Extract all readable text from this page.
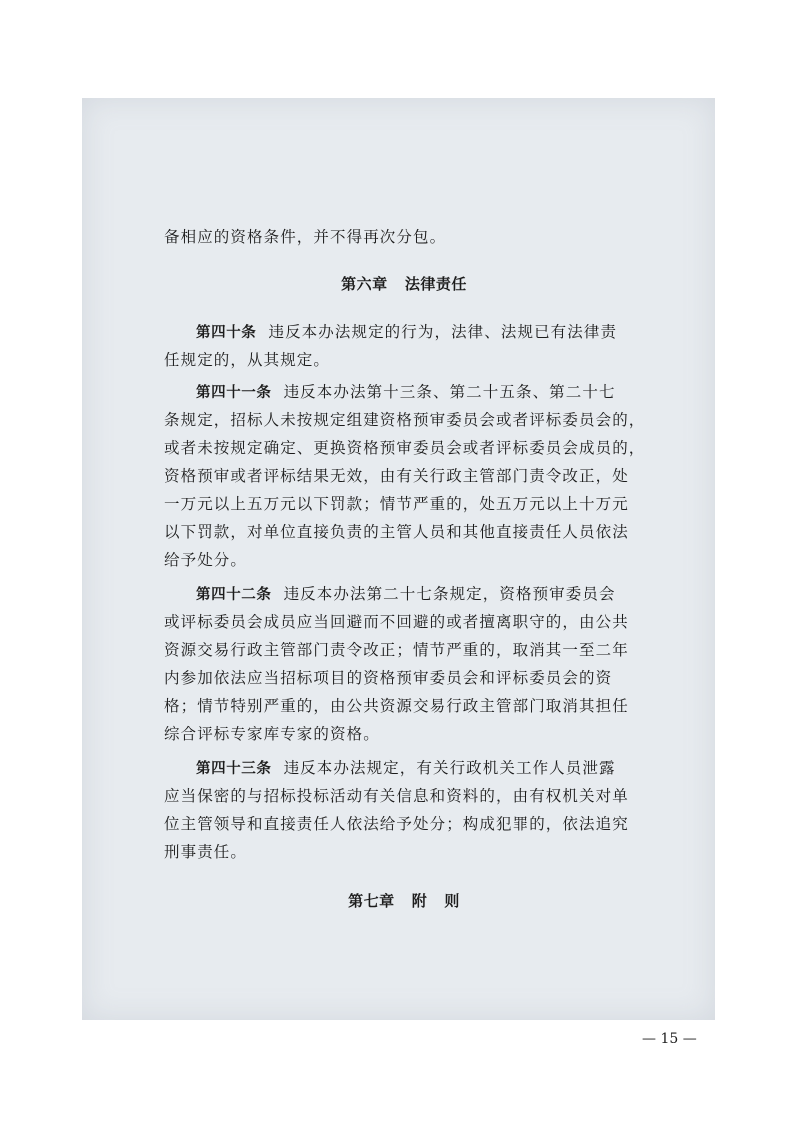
备相应的资格条件，并不得再次分包。
第六章   法律责任
第四十条 违反本办法规定的行为，法律、法规已有法律责
任规定的，从其规定。
第四十一条 违反本办法第十三条、第二十五条、第二十七
条规定，招标人未按规定组建资格预审委员会或者评标委员会的，
或者未按规定确定、更换资格预审委员会或者评标委员会成员的，
资格预审或者评标结果无效，由有关行政主管部门责令改正，处
一万元以上五万元以下罚款；情节严重的，处五万元以上十万元
以下罚款，对单位直接负责的主管人员和其他直接责任人员依法
给予处分。
第四十二条 违反本办法第二十七条规定，资格预审委员会
或评标委员会成员应当回避而不回避的或者擅离职守的，由公共
资源交易行政主管部门责令改正；情节严重的，取消其一至二年
内参加依法应当招标项目的资格预审委员会和评标委员会的资
格；情节特别严重的，由公共资源交易行政主管部门取消其担任
综合评标专家库专家的资格。
第四十三条 违反本办法规定，有关行政机关工作人员泄露
应当保密的与招标投标活动有关信息和资料的，由有权机关对单
位主管领导和直接责任人依法给予处分；构成犯罪的，依法追究
刑事责任。
第七章   附   则
— 15 —
